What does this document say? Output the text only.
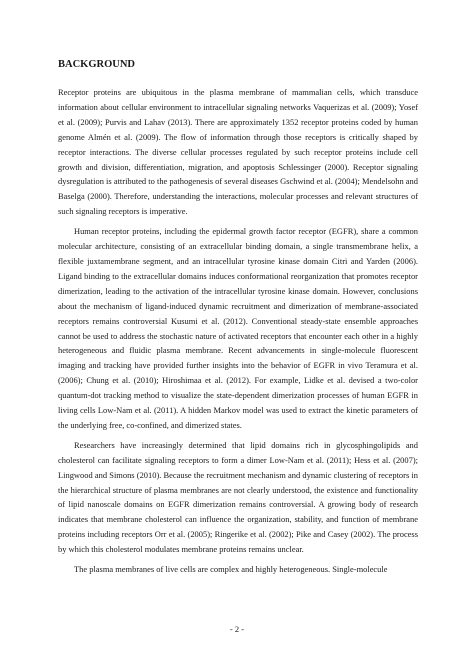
BACKGROUND

Receptor proteins are ubiquitous in the plasma membrane of mammalian cells, which transduce information about cellular environment to intracellular signaling networks Vaquerizas et al. (2009); Yosef et al. (2009); Purvis and Lahav (2013). There are approximately 1352 receptor proteins coded by human genome Almén et al. (2009). The flow of information through those receptors is critically shaped by receptor interactions. The diverse cellular processes regulated by such receptor proteins include cell growth and division, differentiation, migration, and apoptosis Schlessinger (2000). Receptor signaling dysregulation is attributed to the pathogenesis of several diseases Gschwind et al. (2004); Mendelsohn and Baselga (2000). Therefore, understanding the interactions, molecular processes and relevant structures of such signaling receptors is imperative.

Human receptor proteins, including the epidermal growth factor receptor (EGFR), share a common molecular architecture, consisting of an extracellular binding domain, a single transmembrane helix, a flexible juxtamembrane segment, and an intracellular tyrosine kinase domain Citri and Yarden (2006). Ligand binding to the extracellular domains induces conformational reorganization that promotes receptor dimerization, leading to the activation of the intracellular tyrosine kinase domain. However, conclusions about the mechanism of ligand-induced dynamic recruitment and dimerization of membrane-associated receptors remains controversial Kusumi et al. (2012). Conventional steady-state ensemble approaches cannot be used to address the stochastic nature of activated receptors that encounter each other in a highly heterogeneous and fluidic plasma membrane. Recent advancements in single-molecule fluorescent imaging and tracking have provided further insights into the behavior of EGFR in vivo Teramura et al. (2006); Chung et al. (2010); Hiroshimaa et al. (2012). For example, Lidke et al. devised a two-color quantum-dot tracking method to visualize the state-dependent dimerization processes of human EGFR in living cells Low-Nam et al. (2011). A hidden Markov model was used to extract the kinetic parameters of the underlying free, co-confined, and dimerized states.

Researchers have increasingly determined that lipid domains rich in glycosphingolipids and cholesterol can facilitate signaling receptors to form a dimer Low-Nam et al. (2011); Hess et al. (2007); Lingwood and Simons (2010). Because the recruitment mechanism and dynamic clustering of receptors in the hierarchical structure of plasma membranes are not clearly understood, the existence and functionality of lipid nanoscale domains on EGFR dimerization remains controversial. A growing body of research indicates that membrane cholesterol can influence the organization, stability, and function of membrane proteins including receptors Orr et al. (2005); Ringerike et al. (2002); Pike and Casey (2002). The process by which this cholesterol modulates membrane proteins remains unclear.

The plasma membranes of live cells are complex and highly heterogeneous. Single-molecule

- 2 -
